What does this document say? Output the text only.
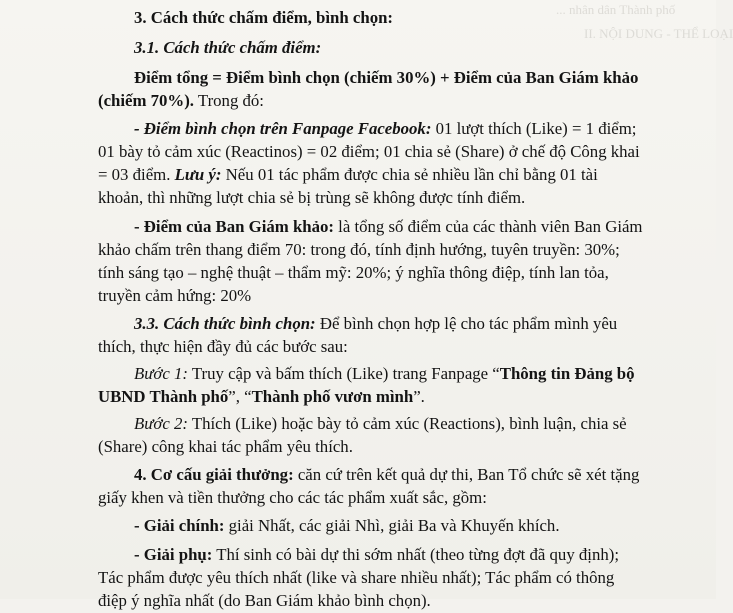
... nhân dân Thành phố
II. NỘI DUNG - THỂ LOẠI
3. Cách thức chấm điểm, bình chọn:
3.1. Cách thức chấm điểm:
Điểm tổng = Điểm bình chọn (chiếm 30%) + Điểm của Ban Giám khảo
(chiếm 70%). Trong đó:
- Điểm bình chọn trên Fanpage Facebook: 01 lượt thích (Like) = 1 điểm;
01 bày tỏ cảm xúc (Reactinos) = 02 điểm; 01 chia sẻ (Share) ở chế độ Công khai
= 03 điểm. Lưu ý: Nếu 01 tác phẩm được chia sẻ nhiều lần chỉ bằng 01 tài
khoản, thì những lượt chia sẻ bị trùng sẽ không được tính điểm.
- Điểm của Ban Giám khảo: là tổng số điểm của các thành viên Ban Giám
khảo chấm trên thang điểm 70: trong đó, tính định hướng, tuyên truyền: 30%;
tính sáng tạo – nghệ thuật – thẩm mỹ: 20%; ý nghĩa thông điệp, tính lan tỏa,
truyền cảm hứng: 20%
3.3. Cách thức bình chọn: Để bình chọn hợp lệ cho tác phẩm mình yêu
thích, thực hiện đầy đủ các bước sau:
Bước 1: Truy cập và bấm thích (Like) trang Fanpage “Thông tin Đảng bộ
UBND Thành phố”, “Thành phố vươn mình”.
Bước 2: Thích (Like) hoặc bày tỏ cảm xúc (Reactions), bình luận, chia sẻ
(Share) công khai tác phẩm yêu thích.
4. Cơ cấu giải thưởng: căn cứ trên kết quả dự thi, Ban Tổ chức sẽ xét tặng
giấy khen và tiền thưởng cho các tác phẩm xuất sắc, gồm:
- Giải chính: giải Nhất, các giải Nhì, giải Ba và Khuyến khích.
- Giải phụ: Thí sinh có bài dự thi sớm nhất (theo từng đợt đã quy định);
Tác phẩm được yêu thích nhất (like và share nhiều nhất); Tác phẩm có thông
điệp ý nghĩa nhất (do Ban Giám khảo bình chọn).
